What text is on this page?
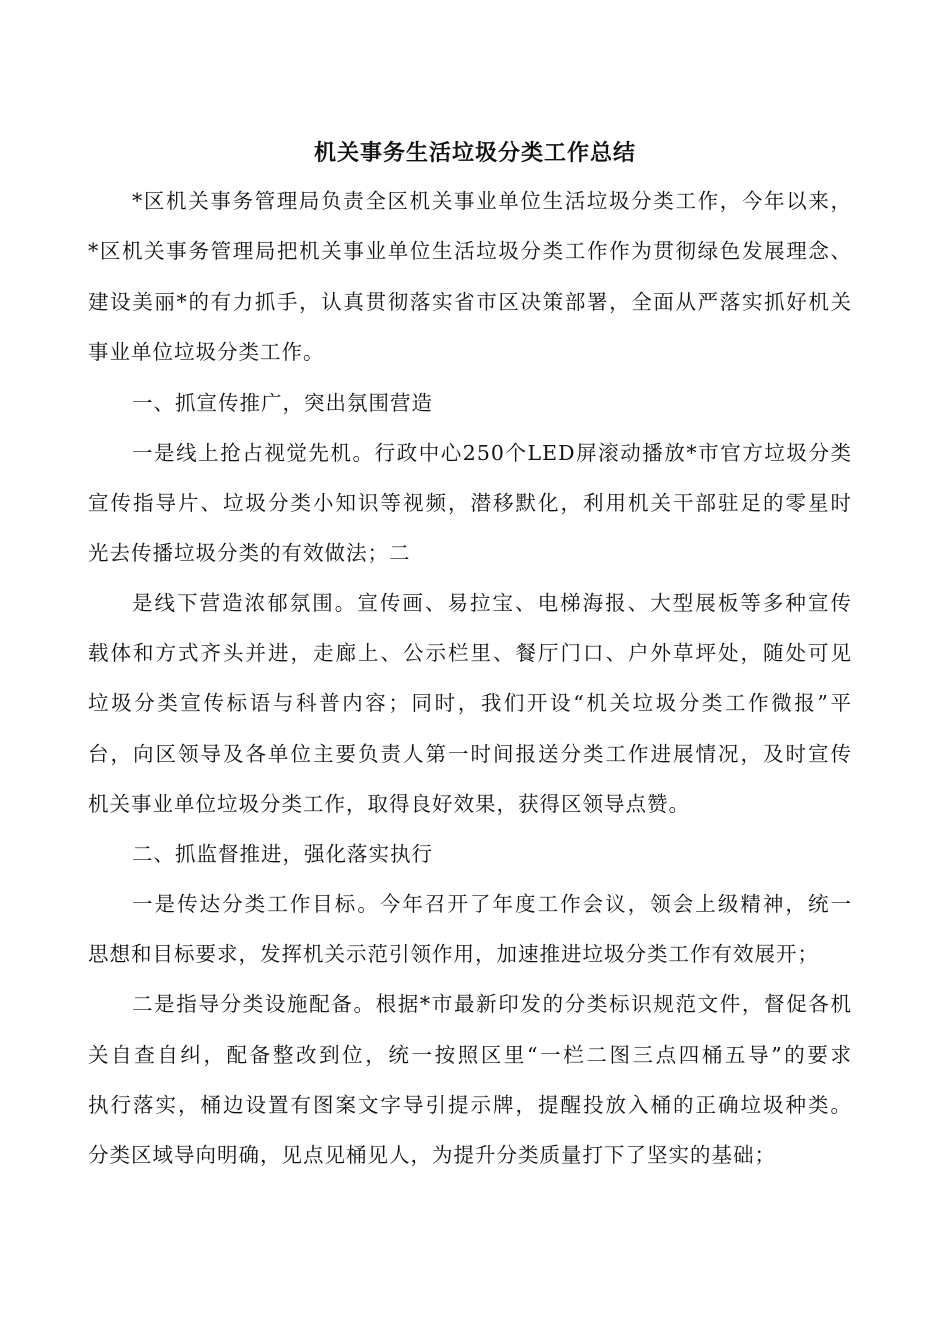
机关事务生活垃圾分类工作总结
*区机关事务管理局负责全区机关事业单位生活垃圾分类工作，今年以来，
*区机关事务管理局把机关事业单位生活垃圾分类工作作为贯彻绿色发展理念、
建设美丽*的有力抓手，认真贯彻落实省市区决策部署，全面从严落实抓好机关
事业单位垃圾分类工作。
一、抓宣传推广，突出氛围营造
一是线上抢占视觉先机。行政中心250个LED屏滚动播放*市官方垃圾分类
宣传指导片、垃圾分类小知识等视频，潜移默化，利用机关干部驻足的零星时
光去传播垃圾分类的有效做法；二
是线下营造浓郁氛围。宣传画、易拉宝、电梯海报、大型展板等多种宣传
载体和方式齐头并进，走廊上、公示栏里、餐厅门口、户外草坪处，随处可见
垃圾分类宣传标语与科普内容；同时，我们开设“机关垃圾分类工作微报”平
台，向区领导及各单位主要负责人第一时间报送分类工作进展情况，及时宣传
机关事业单位垃圾分类工作，取得良好效果，获得区领导点赞。
二、抓监督推进，强化落实执行
一是传达分类工作目标。今年召开了年度工作会议，领会上级精神，统一
思想和目标要求，发挥机关示范引领作用，加速推进垃圾分类工作有效展开；
二是指导分类设施配备。根据*市最新印发的分类标识规范文件，督促各机
关自查自纠，配备整改到位，统一按照区里“一栏二图三点四桶五导”的要求
执行落实，桶边设置有图案文字导引提示牌，提醒投放入桶的正确垃圾种类。
分类区域导向明确，见点见桶见人，为提升分类质量打下了坚实的基础；
